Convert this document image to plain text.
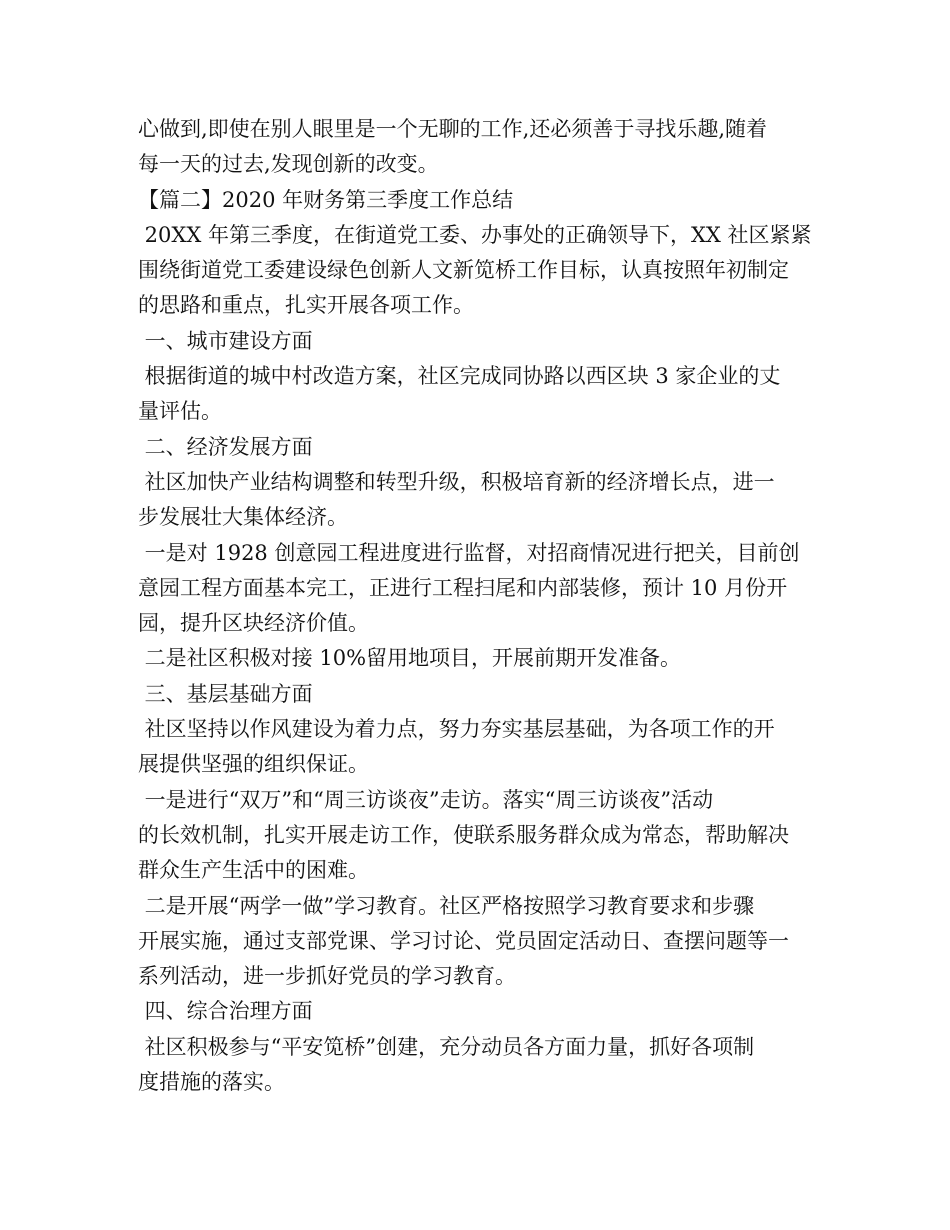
心做到,即使在别人眼里是一个无聊的工作,还必须善于寻找乐趣,随着
每一天的过去,发现创新的改变。
【篇二】2020 年财务第三季度工作总结
20XX 年第三季度，在街道党工委、办事处的正确领导下，XX 社区紧紧
围绕街道党工委建设绿色创新人文新笕桥工作目标，认真按照年初制定
的思路和重点，扎实开展各项工作。
一、城市建设方面
根据街道的城中村改造方案，社区完成同协路以西区块 3 家企业的丈
量评估。
二、经济发展方面
社区加快产业结构调整和转型升级，积极培育新的经济增长点，进一
步发展壮大集体经济。
一是对 1928 创意园工程进度进行监督，对招商情况进行把关，目前创
意园工程方面基本完工，正进行工程扫尾和内部装修，预计 10 月份开
园，提升区块经济价值。
二是社区积极对接 10%留用地项目，开展前期开发准备。
三、基层基础方面
社区坚持以作风建设为着力点，努力夯实基层基础，为各项工作的开
展提供坚强的组织保证。
一是进行“双万”和“周三访谈夜”走访。落实“周三访谈夜”活动
的长效机制，扎实开展走访工作，使联系服务群众成为常态，帮助解决
群众生产生活中的困难。
二是开展“两学一做”学习教育。社区严格按照学习教育要求和步骤
开展实施，通过支部党课、学习讨论、党员固定活动日、查摆问题等一
系列活动，进一步抓好党员的学习教育。
四、综合治理方面
社区积极参与“平安笕桥”创建，充分动员各方面力量，抓好各项制
度措施的落实。
